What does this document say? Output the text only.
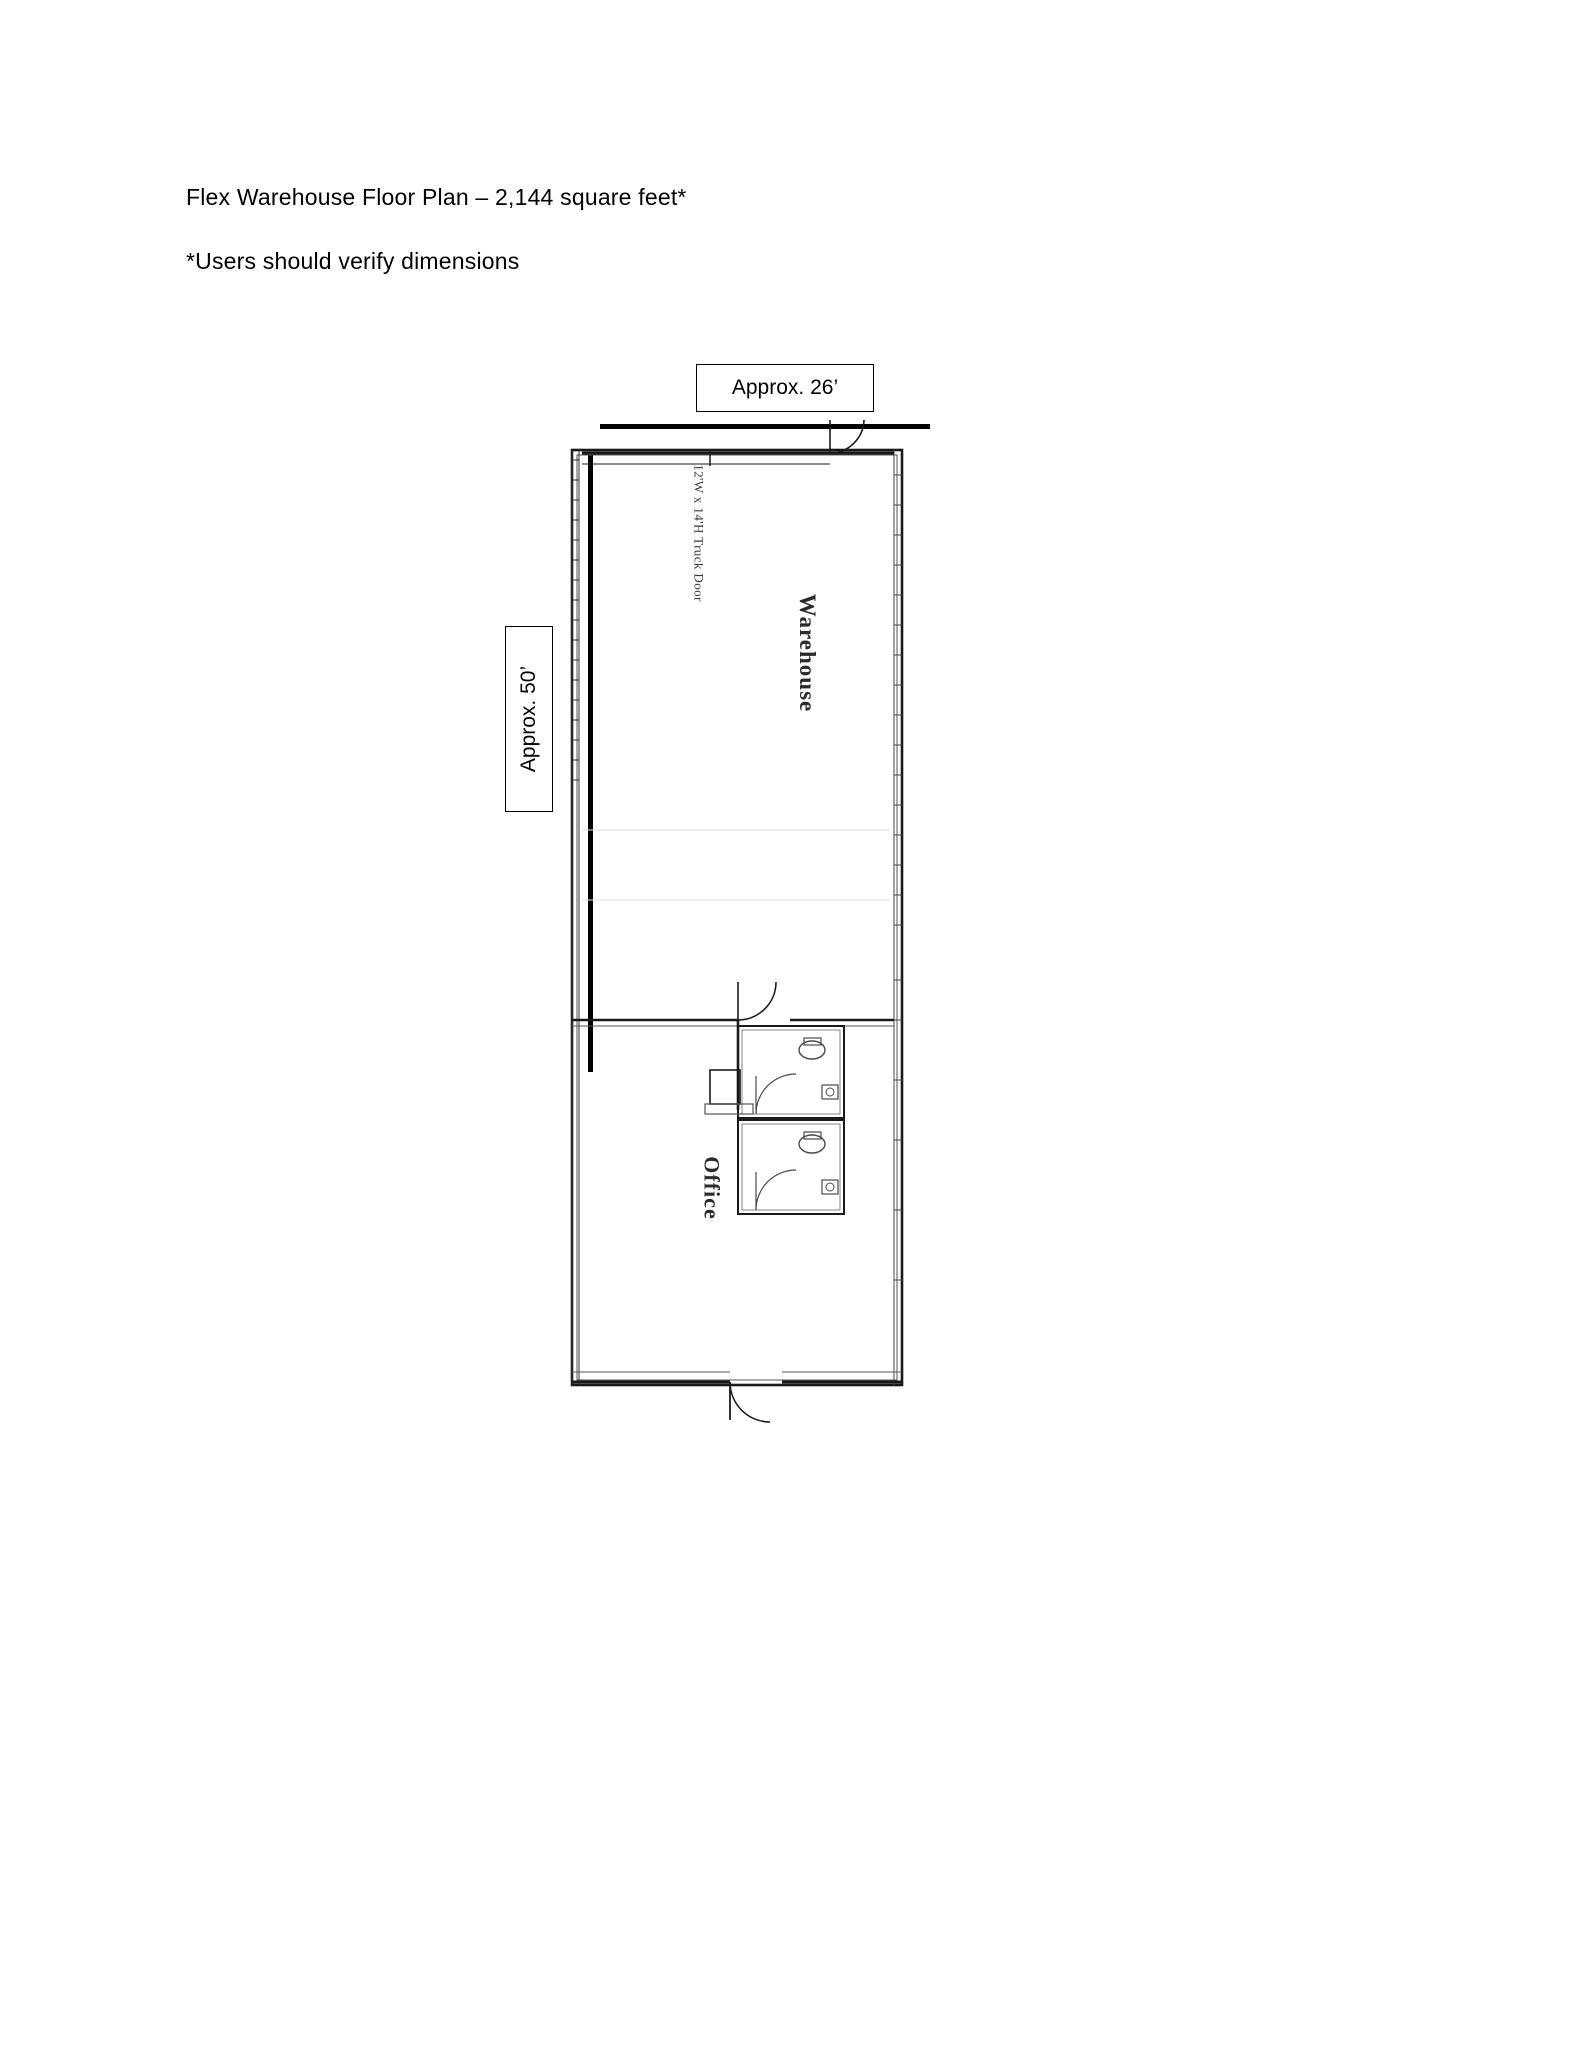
Flex Warehouse Floor Plan – 2,144 square feet*
*Users should verify dimensions
Approx. 26’
Approx. 50’
Warehouse
Office
12'W x 14'H Truck Door
